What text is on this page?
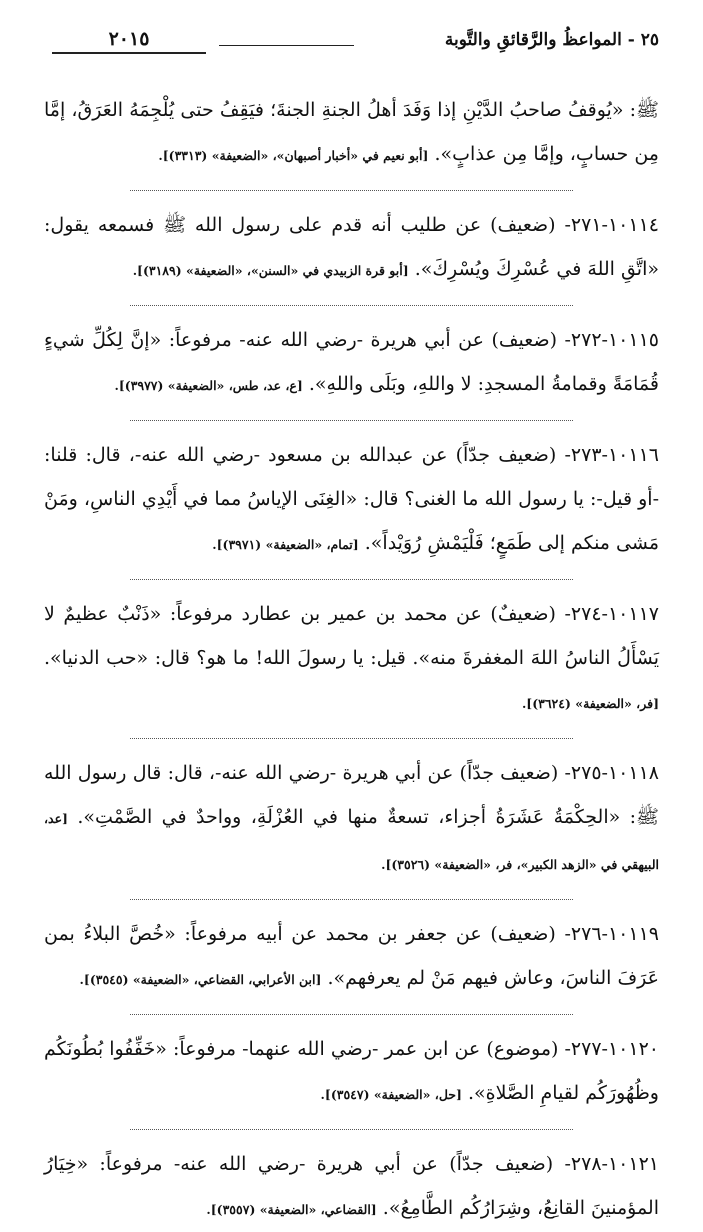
٢٥ - المواعظُ والرَّقائقِ والتَّوبة
٢٠١٥
ﷺ: «يُوقفُ صاحبُ الدَّيْنِ إذا وَفَدَ أهلُ الجنةِ الجنةَ؛ فيَقِفُ حتى يُلْجِمَهُ العَرَقُ، إمَّا مِن حسابٍ، وإمَّا مِن عذابٍ». [أبو نعيم في «أخبار أصبهان»، «الضعيفة» (٣٣١٣)].
١٠١١٤-٢٧١- (ضعيف) عن طليب أنه قدم على رسول الله ﷺ فسمعه يقول: «اتَّقِ اللهَ في عُسْرِكَ ويُسْرِكَ». [أبو قرة الزبيدي في «السنن»، «الضعيفة» (٣١٨٩)].
١٠١١٥-٢٧٢- (ضعيف) عن أبي هريرة -رضي الله عنه- مرفوعاً: «إنَّ لِكُلِّ شيءٍ قُمَامَةً وقمامةُ المسجدِ: لا واللهِ، وبَلَى واللهِ». [ع، عد، طس، «الضعيفة» (٣٩٧٧)].
١٠١١٦-٢٧٣- (ضعيف جدّاً) عن عبدالله بن مسعود -رضي الله عنه-، قال: قلنا: -أو قيل-: يا رسول الله ما الغنى؟ قال: «الغِنَى الإياسُ مما في أَيْدِي الناسِ، ومَنْ مَشى منكم إلى طَمَعٍ؛ فَلْيَمْشِ رُوَيْداً». [تمام، «الضعيفة» (٣٩٧١)].
١٠١١٧-٢٧٤- (ضعيفٌ) عن محمد بن عمير بن عطارد مرفوعاً: «ذَنْبٌ عظيمٌ لا يَسْأَلُ الناسُ اللهَ المغفرةَ منه». قيل: يا رسولَ الله! ما هو؟ قال: «حب الدنيا». [فر، «الضعيفة» (٣٦٢٤)].
١٠١١٨-٢٧٥- (ضعيف جدّاً) عن أبي هريرة -رضي الله عنه-، قال: قال رسول الله ﷺ: «الحِكْمَةُ عَشَرَةُ أجزاء، تسعةٌ منها في العُزْلَةِ، وواحدٌ في الصَّمْتِ». [عد، البيهقي في «الزهد الكبير»، فر، «الضعيفة» (٣٥٢٦)].
١٠١١٩-٢٧٦- (ضعيف) عن جعفر بن محمد عن أبيه مرفوعاً: «خُصَّ البلاءُ بمن عَرَفَ الناسَ، وعاش فيهم مَنْ لم يعرفهم». [ابن الأعرابي، القضاعي، «الضعيفة» (٣٥٤٥)].
١٠١٢٠-٢٧٧- (موضوع) عن ابن عمر -رضي الله عنهما- مرفوعاً: «خَفِّفُوا بُطُونَكُم وظُهُورَكُم لقيامِ الصَّلاةِ». [حل، «الضعيفة» (٣٥٤٧)].
١٠١٢١-٢٧٨- (ضعيف جدّاً) عن أبي هريرة -رضي الله عنه- مرفوعاً: «خِيَارُ المؤمنينَ القانِعُ، وشِرَارُكُم الطَّامِعُ». [القضاعي، «الضعيفة» (٣٥٥٧)].
